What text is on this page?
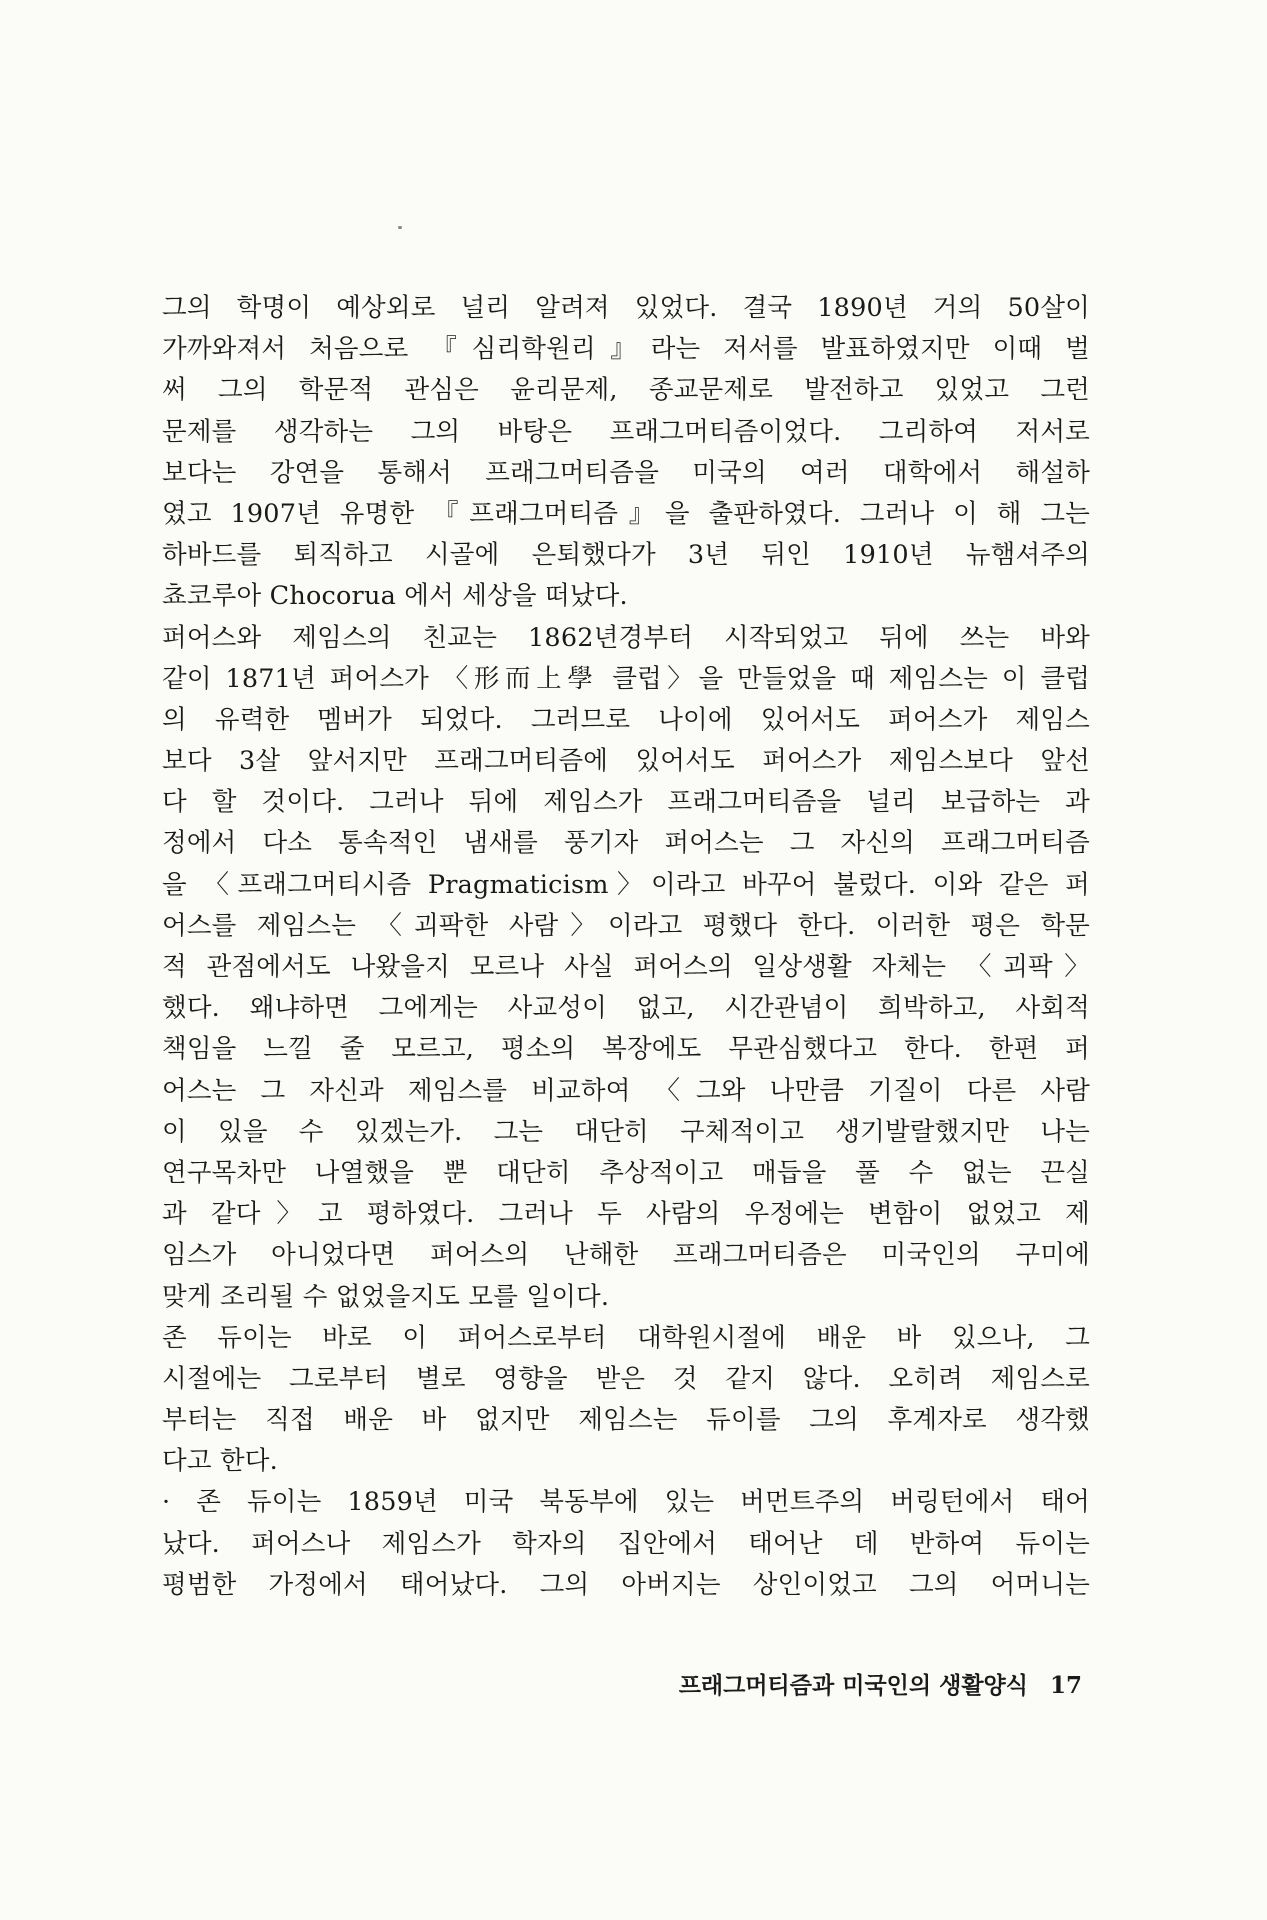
그의 학명이 예상외로 널리 알려져 있었다. 결국 1890년 거의 50살이
가까와져서 처음으로 『심리학원리』라는 저서를 발표하였지만 이때 벌
써 그의 학문적 관심은 윤리문제, 종교문제로 발전하고 있었고 그런
문제를 생각하는 그의 바탕은 프래그머티즘이었다. 그리하여 저서로
보다는 강연을 통해서 프래그머티즘을 미국의 여러 대학에서 해설하
였고 1907년 유명한 『프래그머티즘』을 출판하였다. 그러나 이 해 그는
하바드를 퇴직하고 시골에 은퇴했다가 3년 뒤인 1910년 뉴햄셔주의
쵸코루아 Chocorua 에서 세상을 떠났다.
퍼어스와 제임스의 친교는 1862년경부터 시작되었고 뒤에 쓰는 바와
같이 1871년 퍼어스가 〈形而上學 클럽〉을 만들었을 때 제임스는 이 클럽
의 유력한 멤버가 되었다. 그러므로 나이에 있어서도 퍼어스가 제임스
보다 3살 앞서지만 프래그머티즘에 있어서도 퍼어스가 제임스보다 앞선
다 할 것이다. 그러나 뒤에 제임스가 프래그머티즘을 널리 보급하는 과
정에서 다소 통속적인 냄새를 풍기자 퍼어스는 그 자신의 프래그머티즘
을 〈프래그머티시즘 Pragmaticism〉이라고 바꾸어 불렀다. 이와 같은 퍼
어스를 제임스는 〈괴팍한 사람〉이라고 평했다 한다. 이러한 평은 학문
적 관점에서도 나왔을지 모르나 사실 퍼어스의 일상생활 자체는 〈괴팍〉
했다. 왜냐하면 그에게는 사교성이 없고, 시간관념이 희박하고, 사회적
책임을 느낄 줄 모르고, 평소의 복장에도 무관심했다고 한다. 한편 퍼
어스는 그 자신과 제임스를 비교하여 〈그와 나만큼 기질이 다른 사람
이 있을 수 있겠는가. 그는 대단히 구체적이고 생기발랄했지만 나는
연구목차만 나열했을 뿐 대단히 추상적이고 매듭을 풀 수 없는 끈실
과 같다〉고 평하였다. 그러나 두 사람의 우정에는 변함이 없었고 제
임스가 아니었다면 퍼어스의 난해한 프래그머티즘은 미국인의 구미에
맞게 조리될 수 없었을지도 모를 일이다.
존 듀이는 바로 이 퍼어스로부터 대학원시절에 배운 바 있으나, 그
시절에는 그로부터 별로 영향을 받은 것 같지 않다. 오히려 제임스로
부터는 직접 배운 바 없지만 제임스는 듀이를 그의 후계자로 생각했
다고 한다.
· 존 듀이는 1859년 미국 북동부에 있는 버먼트주의 버링턴에서 태어
났다. 퍼어스나 제임스가 학자의 집안에서 태어난 데 반하여 듀이는
평범한 가정에서 태어났다. 그의 아버지는 상인이었고 그의 어머니는
프래그머티즘과 미국인의 생활양식 17
